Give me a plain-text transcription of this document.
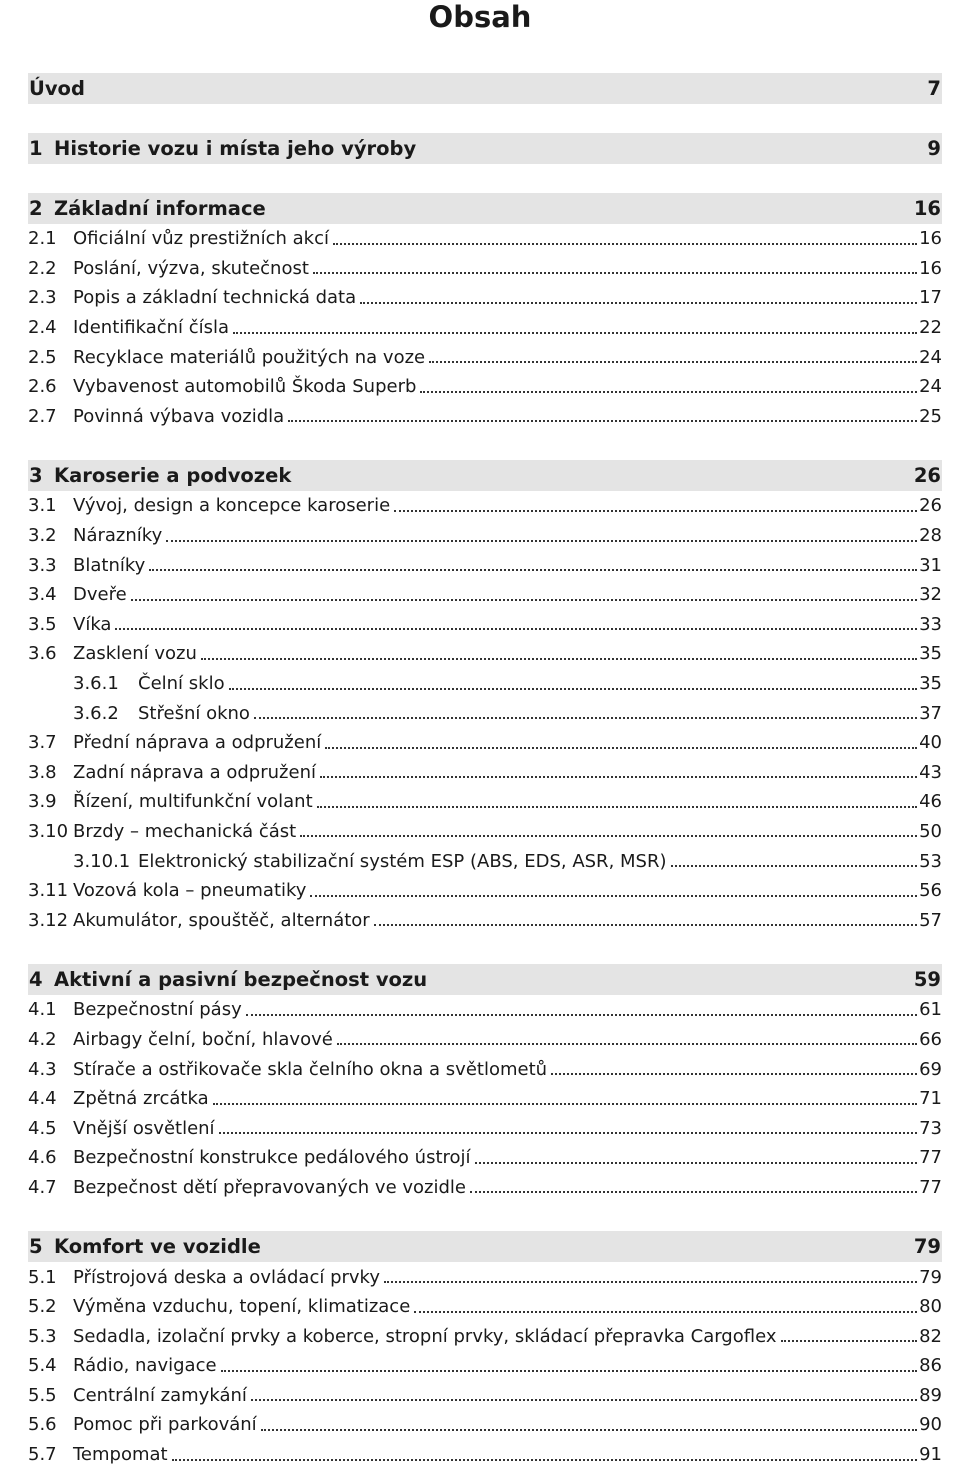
Obsah
Úvod	7
1 Historie vozu i místa jeho výroby	9
2 Základní informace	16
2.1 Oficiální vůz prestižních akcí	16
2.2 Poslání, výzva, skutečnost	16
2.3 Popis a základní technická data	17
2.4 Identifikační čísla	22
2.5 Recyklace materiálů použitých na voze	24
2.6 Vybavenost automobilů Škoda Superb	24
2.7 Povinná výbava vozidla	25
3 Karoserie a podvozek	26
3.1 Vývoj, design a koncepce karoserie	26
3.2 Nárazníky	28
3.3 Blatníky	31
3.4 Dveře	32
3.5 Víka	33
3.6 Zasklení vozu	35
3.6.1	Čelní sklo	35
3.6.2	Střešní okno	37
3.7 Přední náprava a odpružení	40
3.8 Zadní náprava a odpružení	43
3.9 Řízení, multifunkční volant	46
3.10 Brzdy – mechanická část	50
3.10.1 Elektronický stabilizační systém ESP (ABS, EDS, ASR, MSR)	53
3.11 Vozová kola – pneumatiky	56
3.12 Akumulátor, spouštěč, alternátor	57
4 Aktivní a pasivní bezpečnost vozu	59
4.1 Bezpečnostní pásy	61
4.2 Airbagy čelní, boční, hlavové	66
4.3 Stírače a ostřikovače skla čelního okna a světlometů	69
4.4 Zpětná zrcátka	71
4.5 Vnější osvětlení	73
4.6 Bezpečnostní konstrukce pedálového ústrojí	77
4.7 Bezpečnost dětí přepravovaných ve vozidle	77
5 Komfort ve vozidle	79
5.1 Přístrojová deska a ovládací prvky	79
5.2 Výměna vzduchu, topení, klimatizace	80
5.3 Sedadla, izolační prvky a koberce, stropní prvky, skládací přepravka Cargoflex	82
5.4 Rádio, navigace	86
5.5 Centrální zamykání	89
5.6 Pomoc při parkování	90
5.7 Tempomat	91
